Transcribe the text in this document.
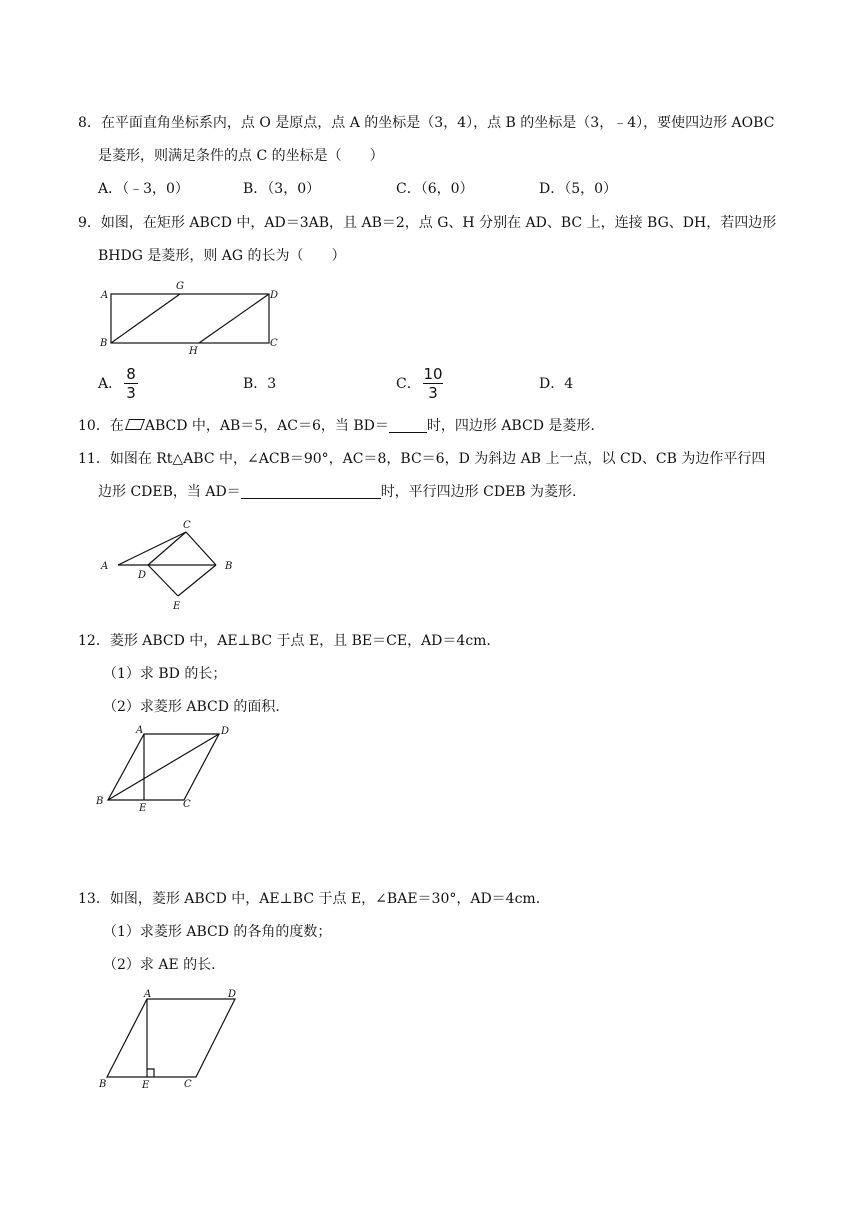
8．在平面直角坐标系内，点 O 是原点，点 A 的坐标是（3，4），点 B 的坐标是（3，﹣4），要使四边形 AOBC
是菱形，则满足条件的点 C 的坐标是（　　）
A．（﹣3，0）	B．（3，0）	C．（6，0）	D．（5，0）
9．如图，在矩形 ABCD 中，AD＝3AB，且 AB＝2，点 G、H 分别在 AD、BC 上，连接 BG、DH，若四边形
BHDG 是菱形，则 AG 的长为（　　）
A
G
D
B
H
C
A．
8
3	B．3	C．
10
3	D．4
10．在 ABCD 中，AB＝5，AC＝6，当 BD＝	时，四边形 ABCD 是菱形.
11．如图在 Rt△ABC 中，∠ACB＝90°，AC＝8，BC＝6，D 为斜边 AB 上一点，以 CD、CB 为边作平行四
边形 CDEB，当 AD＝	时，平行四边形 CDEB 为菱形.
C
A
D
B
E
12．菱形 ABCD 中，AE⊥BC 于点 E，且 BE＝CE，AD＝4cm.
（1）求 BD 的长；
（2）求菱形 ABCD 的面积.
A	D
B
E	C
13．如图，菱形 ABCD 中，AE⊥BC 于点 E，∠BAE＝30°，AD＝4cm.
（1）求菱形 ABCD 的各角的度数；
（2）求 AE 的长.
A	D
B	E	C
